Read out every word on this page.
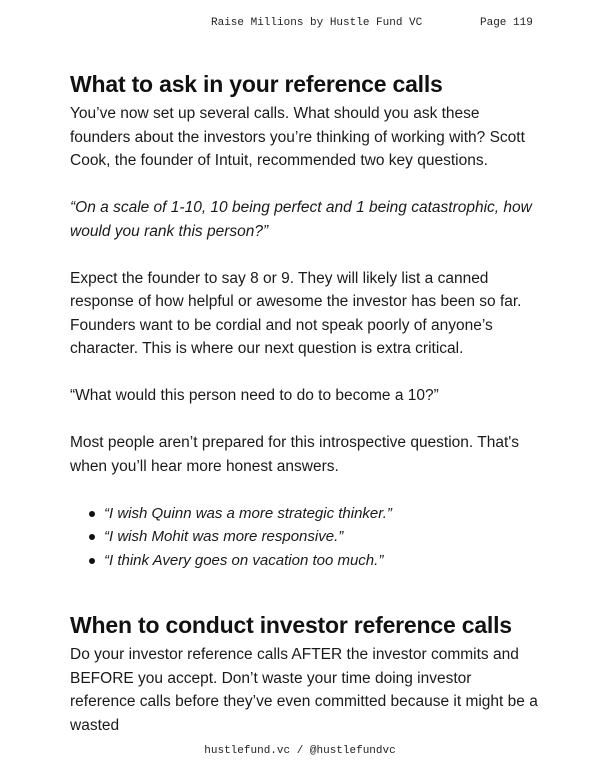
Raise Millions by Hustle Fund VC	Page 119
What to ask in your reference calls

You’ve now set up several calls. What should you ask these founders about the investors you’re thinking of working with? Scott Cook, the founder of Intuit, recommended two key questions.

“On a scale of 1-10, 10 being perfect and 1 being catastrophic, how would you rank this person?”

Expect the founder to say 8 or 9. They will likely list a canned response of how helpful or awesome the investor has been so far. Founders want to be cordial and not speak poorly of anyone’s character. This is where our next question is extra critical.

“What would this person need to do to become a 10?”

Most people aren’t prepared for this introspective question. That's when you’ll hear more honest answers.

“I wish Quinn was a more strategic thinker.”
“I wish Mohit was more responsive.”
“I think Avery goes on vacation too much.”
When to conduct investor reference calls

Do your investor reference calls AFTER the investor commits and BEFORE you accept. Don’t waste your time doing investor reference calls before they’ve even committed because it might be a wasted

hustlefund.vc / @hustlefundvc
